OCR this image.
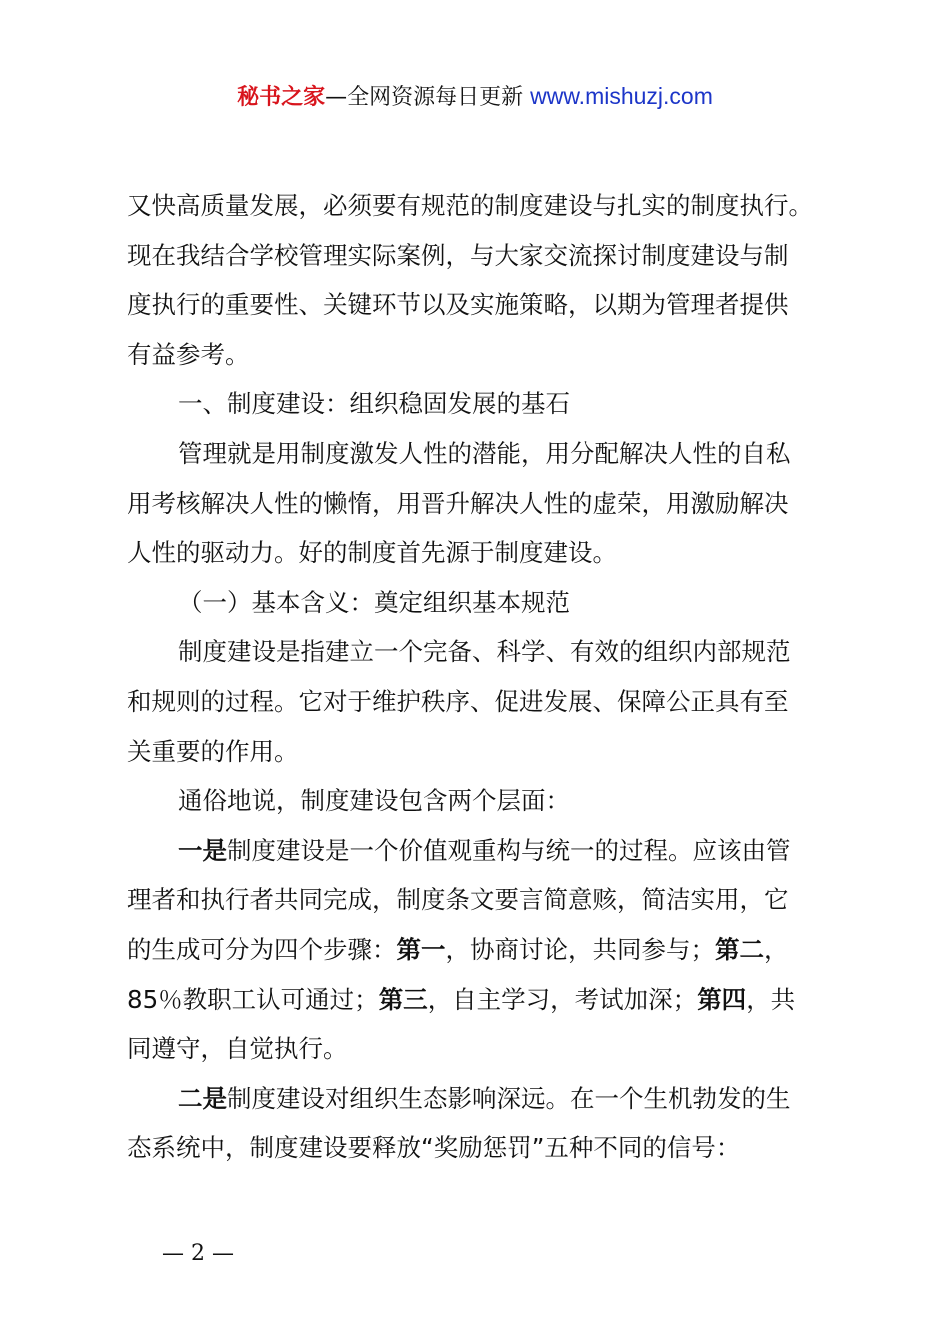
秘书之家—全网资源每日更新 www.mishuzj.com
又快高质量发展，必须要有规范的制度建设与扎实的制度执行。
现在我结合学校管理实际案例，与大家交流探讨制度建设与制
度执行的重要性、关键环节以及实施策略，以期为管理者提供
有益参考。
一、制度建设：组织稳固发展的基石
管理就是用制度激发人性的潜能，用分配解决人性的自私
用考核解决人性的懒惰，用晋升解决人性的虚荣，用激励解决
人性的驱动力。好的制度首先源于制度建设。
（一）基本含义：奠定组织基本规范
制度建设是指建立一个完备、科学、有效的组织内部规范
和规则的过程。它对于维护秩序、促进发展、保障公正具有至
关重要的作用。
通俗地说，制度建设包含两个层面：
一是制度建设是一个价值观重构与统一的过程。应该由管
理者和执行者共同完成，制度条文要言简意赅，简洁实用，它
的生成可分为四个步骤：第一，协商讨论，共同参与；第二，
85％教职工认可通过；第三，自主学习，考试加深；第四，共
同遵守，自觉执行。
二是制度建设对组织生态影响深远。在一个生机勃发的生
态系统中，制度建设要释放“奖励惩罚”五种不同的信号：
— 2 —
